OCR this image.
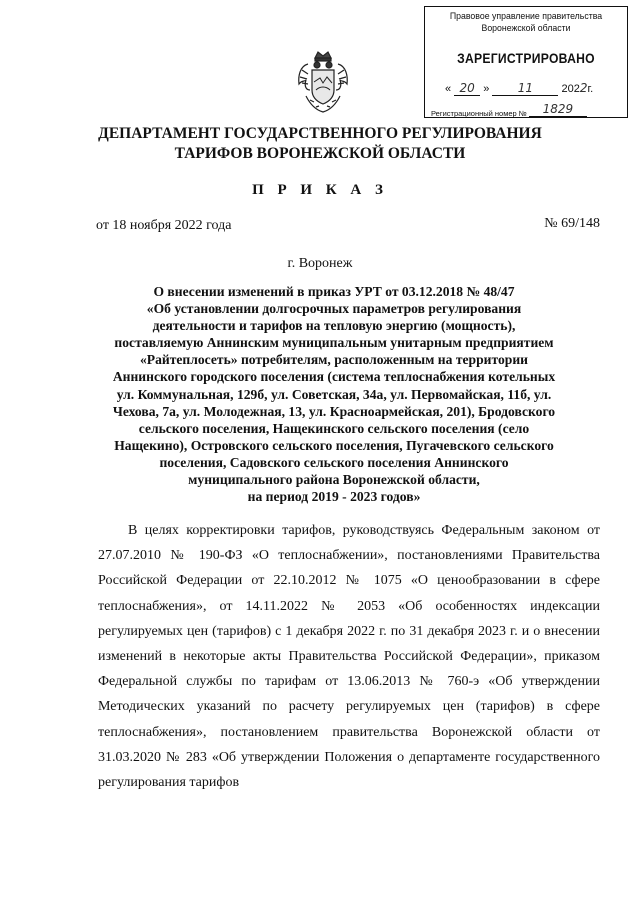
Правовое управление правительства
Воронежской области
ЗАРЕГИСТРИРОВАНО
« 20 » 11	2022г.
Регистрационный номер № 1829
ДЕПАРТАМЕНТ ГОСУДАРСТВЕННОГО РЕГУЛИРОВАНИЯ
ТАРИФОВ ВОРОНЕЖСКОЙ ОБЛАСТИ
П Р И К А З
от 18 ноября 2022 года	№ 69/148
г. Воронеж
О внесении изменений в приказ УРТ от 03.12.2018 № 48/47
«Об установлении долгосрочных параметров регулирования
деятельности и тарифов на тепловую энергию (мощность),
поставляемую Аннинским муниципальным унитарным предприятием
«Райтеплосеть» потребителям, расположенным на территории
Аннинского городского поселения (система теплоснабжения котельных
ул. Коммунальная, 129б, ул. Советская, 34а, ул. Первомайская, 11б, ул.
Чехова, 7а, ул. Молодежная, 13, ул. Красноармейская, 201), Бродовского
сельского поселения, Нащекинского сельского поселения (село
Нащекино), Островского сельского поселения, Пугачевского сельского
поселения, Садовского сельского поселения Аннинского
муниципального района Воронежской области,
на период 2019 - 2023 годов»

В целях корректировки тарифов, руководствуясь Федеральным законом от 27.07.2010 № 190-ФЗ «О теплоснабжении», постановлениями Правительства Российской Федерации от 22.10.2012 № 1075 «О ценообразовании в сфере теплоснабжения», от 14.11.2022 № 2053 «Об особенностях индексации регулируемых цен (тарифов) с 1 декабря 2022 г. по 31 декабря 2023 г. и о внесении изменений в некоторые акты Правительства Российской Федерации», приказом Федеральной службы по тарифам от 13.06.2013 № 760-э «Об утверждении Методических указаний по расчету регулируемых цен (тарифов) в сфере теплоснабжения», постановлением правительства Воронежской области от 31.03.2020 № 283 «Об утверждении Положения о департаменте государственного регулирования тарифов
